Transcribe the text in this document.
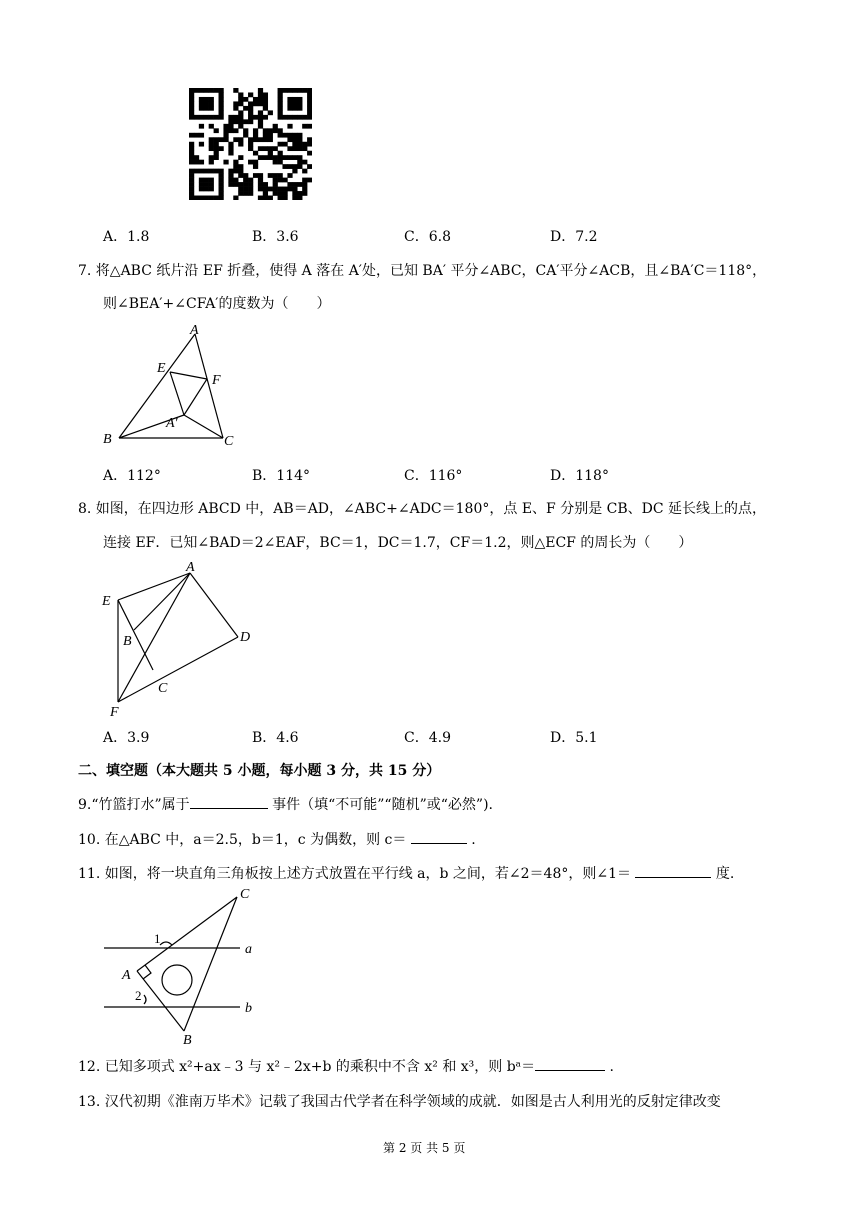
A．1.8	B．3.6	C．6.8	D．7.2
7. 将△ABC 纸片沿 EF 折叠，使得 A 落在 A′处，已知 BA′ 平分∠ABC，CA′平分∠ACB，且∠BA′C＝118°，
则∠BEA′+∠CFA′的度数为（　　）
A
E
F
A′
B	C
A．112°	B．114°	C．116°	D．118°
8. 如图，在四边形 ABCD 中，AB＝AD，∠ABC+∠ADC＝180°，点 E、F 分别是 CB、DC 延长线上的点，
连接 EF．已知∠BAD＝2∠EAF，BC＝1，DC＝1.7，CF＝1.2，则△ECF 的周长为（　　）
A
E
B	D
C
F
A．3.9	B．4.6	C．4.9	D．5.1
二、填空题（本大题共 5 小题，每小题 3 分，共 15 分）
9.“竹篮打水”属于	事件（填“不可能”“随机”或“必然”).
10. 在△ABC 中，a＝2.5，b＝1，c 为偶数，则 c＝	.
11. 如图，将一块直角三角板按上述方式放置在平行线 a，b 之间，若∠2＝48°，则∠1＝	度.
C
a
1
A
2
b
B
12. 已知多项式 x²+ax﹣3 与 x²﹣2x+b 的乘积中不含 x² 和 x³，则 bᵃ＝	.
13. 汉代初期《淮南万毕术》记载了我国古代学者在科学领域的成就．如图是古人利用光的反射定律改变
第 2 页 共 5 页
